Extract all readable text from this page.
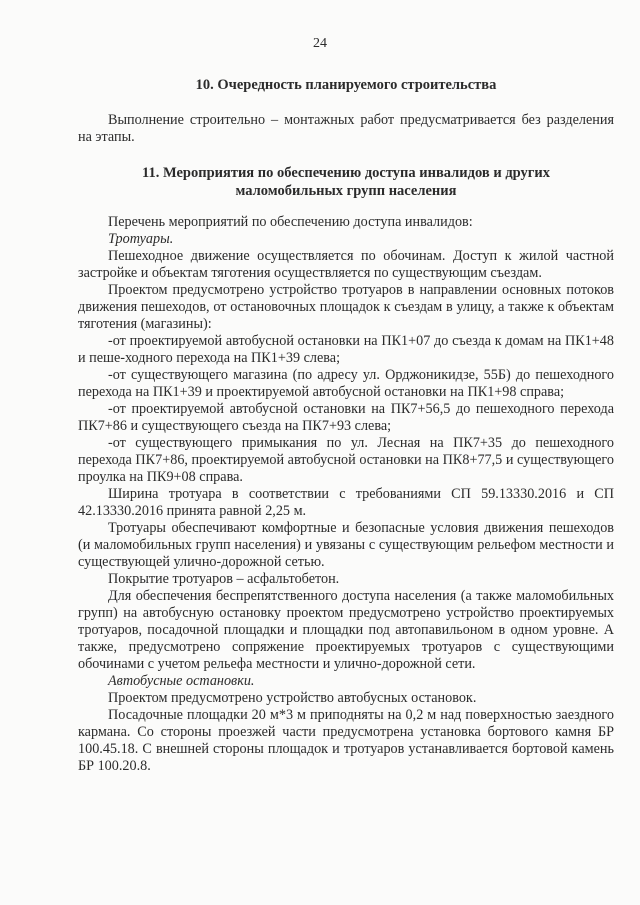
24

10. Очередность планируемого строительства

Выполнение строительно – монтажных работ предусматривается без разделения на этапы.

11. Мероприятия по обеспечению доступа инвалидов и других

маломобильных групп населения

Перечень мероприятий по обеспечению доступа инвалидов:

Тротуары.

Пешеходное движение осуществляется по обочинам. Доступ к жилой частной застройке и объектам тяготения осуществляется по существующим съездам.

Проектом предусмотрено устройство тротуаров в направлении основных потоков движения пешеходов, от остановочных площадок к съездам в улицу, а также к объектам тяготения (магазины):

-от проектируемой автобусной остановки на ПК1+07 до съезда к домам на ПК1+48 и пеше-ходного перехода на ПК1+39 слева;

-от существующего магазина (по адресу ул. Орджоникидзе, 55Б) до пешеходного перехода на ПК1+39 и проектируемой автобусной остановки на ПК1+98 справа;

-от проектируемой автобусной остановки на ПК7+56,5 до пешеходного перехода ПК7+86 и существующего съезда на ПК7+93 слева;

-от существующего примыкания по ул. Лесная на ПК7+35 до пешеходного перехода ПК7+86, проектируемой автобусной остановки на ПК8+77,5 и существующего проулка на ПК9+08 справа.

Ширина тротуара в соответствии с требованиями СП 59.13330.2016 и СП 42.13330.2016 принята равной 2,25 м.

Тротуары обеспечивают комфортные и безопасные условия движения пешеходов (и маломобильных групп населения) и увязаны с существующим рельефом местности и существующей улично-дорожной сетью.

Покрытие тротуаров – асфальтобетон.

Для обеспечения беспрепятственного доступа населения (а также маломобильных групп) на автобусную остановку проектом предусмотрено устройство проектируемых тротуаров, посадочной площадки и площадки под автопавильоном в одном уровне. А также, предусмотрено сопряжение проектируемых тротуаров с существующими обочинами с учетом рельефа местности и улично-дорожной сети.

Автобусные остановки.

Проектом предусмотрено устройство автобусных остановок.

Посадочные площадки 20 м*3 м приподняты на 0,2 м над поверхностью заездного кармана. Со стороны проезжей части предусмотрена установка бортового камня БР 100.45.18. С внешней стороны площадок и тротуаров устанавливается бортовой камень БР 100.20.8.
